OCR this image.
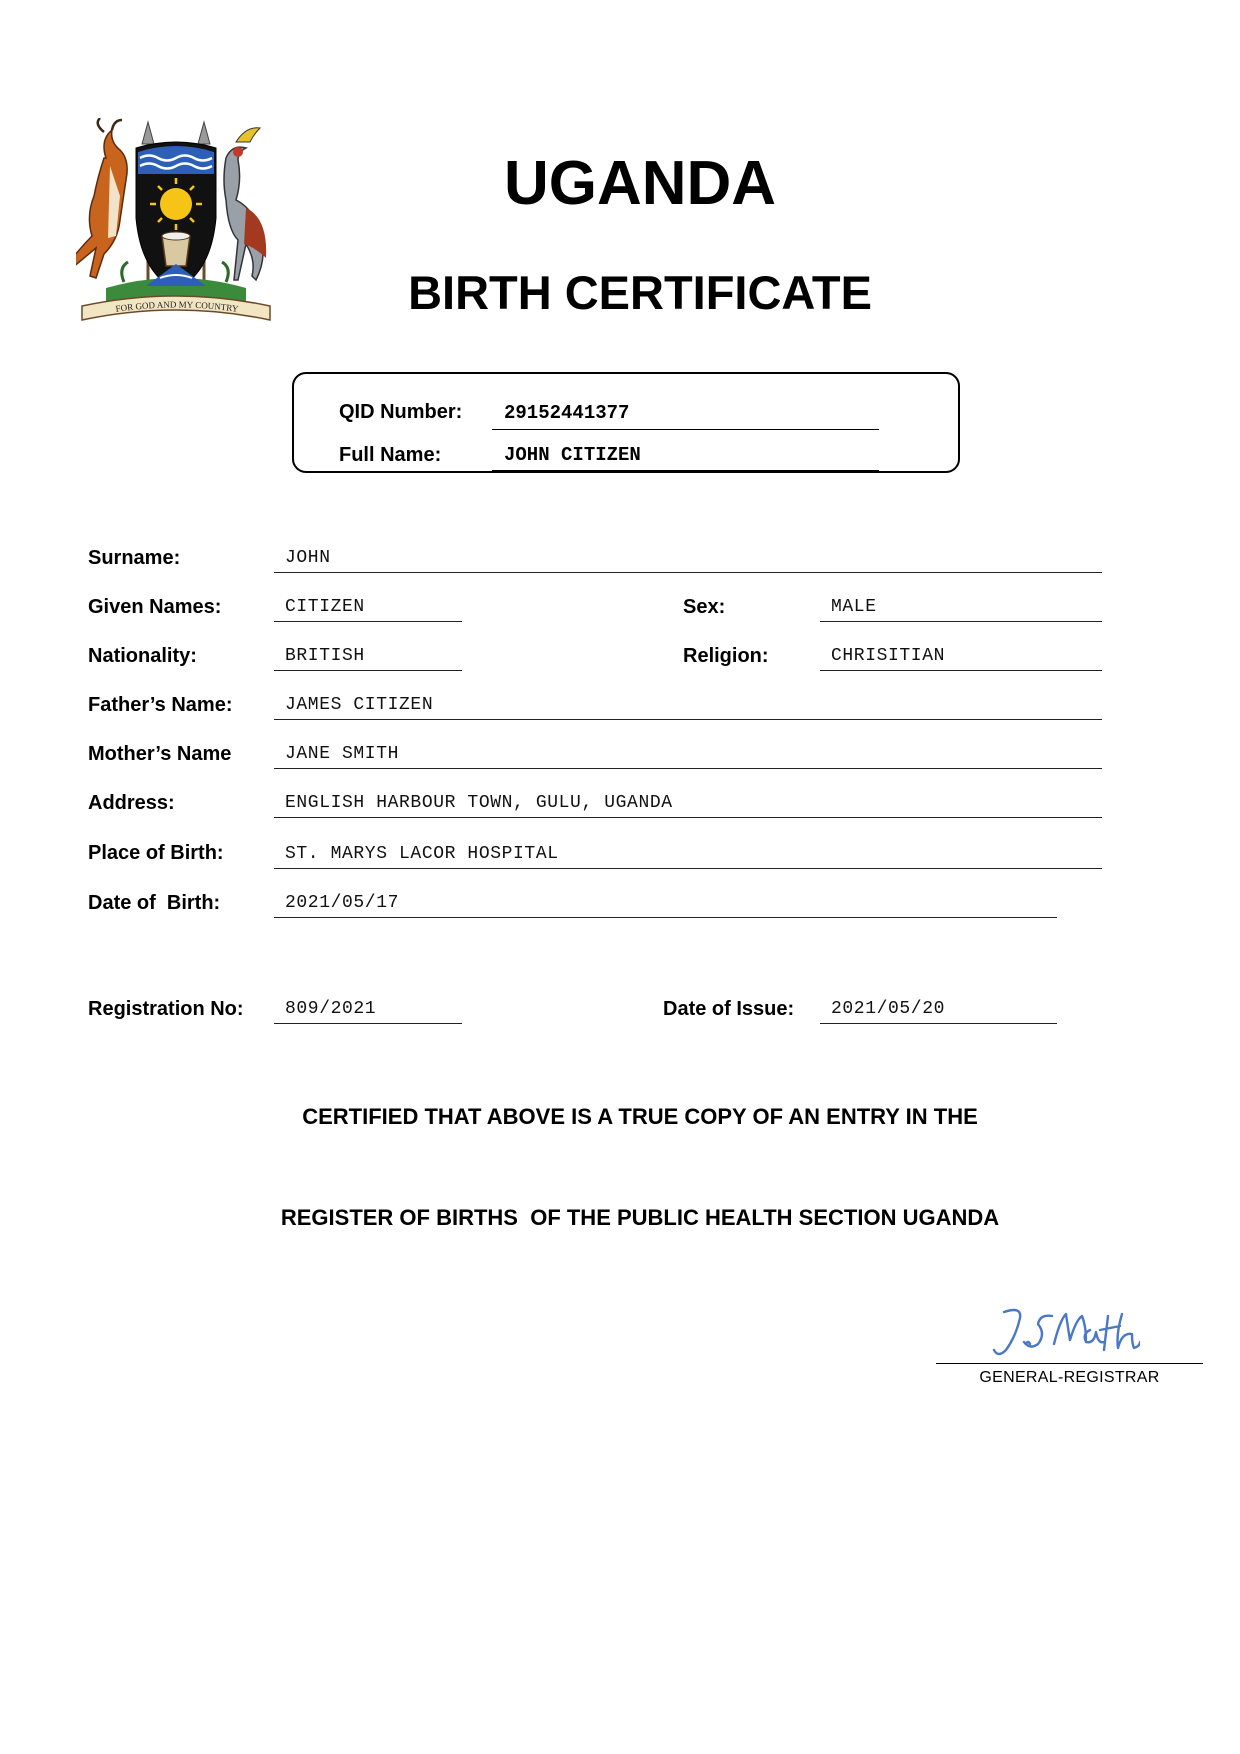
FOR GOD AND MY COUNTRY
UGANDA
BIRTH CERTIFICATE
QID Number:	29152441377
Full Name:	JOHN CITIZEN
Surname:	JOHN
Given Names:	CITIZEN	Sex:	MALE
Nationality:	BRITISH	Religion:	CHRISITIAN
Father’s Name:	JAMES CITIZEN
Mother’s Name	JANE SMITH
Address:	ENGLISH HARBOUR TOWN, GULU, UGANDA
Place of Birth:	ST. MARYS LACOR HOSPITAL
Date of  Birth:	2021/05/17
Registration No:	809/2021	Date of Issue:	2021/05/20
CERTIFIED THAT ABOVE IS A TRUE COPY OF AN ENTRY IN THE
REGISTER OF BIRTHS  OF THE PUBLIC HEALTH SECTION UGANDA
GENERAL-REGISTRAR
